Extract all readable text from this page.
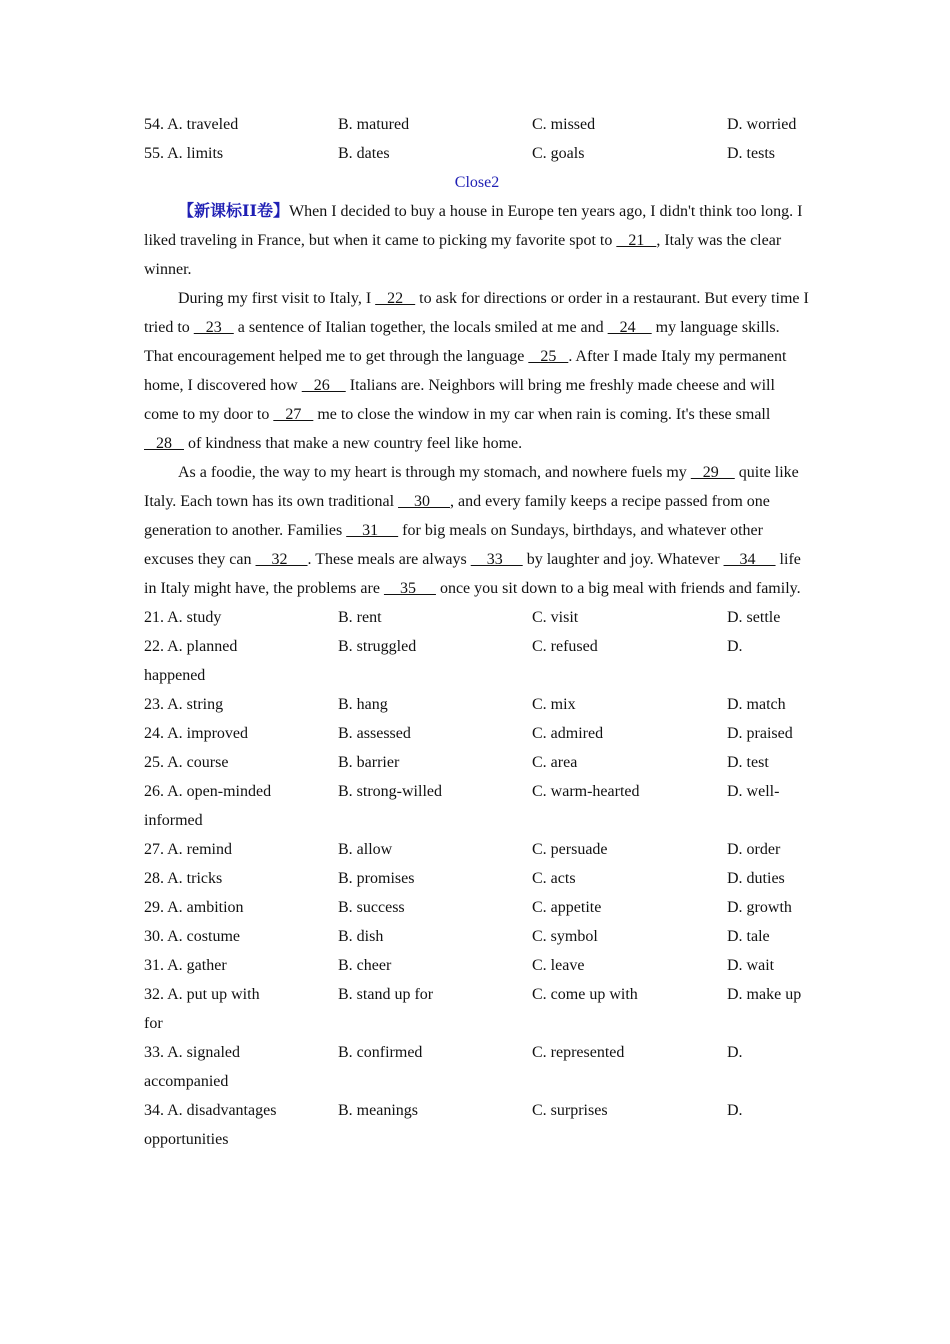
54. A. traveled	B. matured	C. missed	D. worried
55. A. limits	B. dates	C. goals	D. tests
Close2
【新课标ⅠⅠ卷】When I decided to buy a house in Europe ten years ago, I didn't think too long. I liked traveling in France, but when it came to picking my favorite spot to    21   , Italy was the clear winner.
During my first visit to Italy, I    22    to ask for directions or order in a restaurant. But every time I tried to    23    a sentence of Italian together, the locals smiled at me and    24     my language skills. That encouragement helped me to get through the language    25   . After I made Italy my permanent home, I discovered how    26     Italians are. Neighbors will bring me freshly made cheese and will come to my door to    27    me to close the window in my car when rain is coming. It's these small    28    of kindness that make a new country feel like home.
As a foodie, the way to my heart is through my stomach, and nowhere fuels my    29     quite like Italy. Each town has its own traditional     30     , and every family keeps a recipe passed from one generation to another. Families     31      for big meals on Sundays, birthdays, and whatever other excuses they can     32     . These meals are always     33      by laughter and joy. Whatever     34      life in Italy might have, the problems are     35      once you sit down to a big meal with friends and family.
21. A. study	B. rent	C. visit	D. settle
22. A. planned	B. struggled	C. refused	D.
happened
23. A. string	B. hang	C. mix	D. match
24. A. improved	B. assessed	C. admired	D. praised
25. A. course	B. barrier	C. area	D. test
26. A. open-minded	B. strong-willed	C. warm-hearted	D. well-
informed
27. A. remind	B. allow	C. persuade	D. order
28. A. tricks	B. promises	C. acts	D. duties
29. A. ambition	B. success	C. appetite	D. growth
30. A. costume	B. dish	C. symbol	D. tale
31. A. gather	B. cheer	C. leave	D. wait
32. A. put up with	B. stand up for	C. come up with	D. make up
for
33. A. signaled	B. confirmed	C. represented	D.
accompanied
34. A. disadvantages	B. meanings	C. surprises	D.
opportunities
